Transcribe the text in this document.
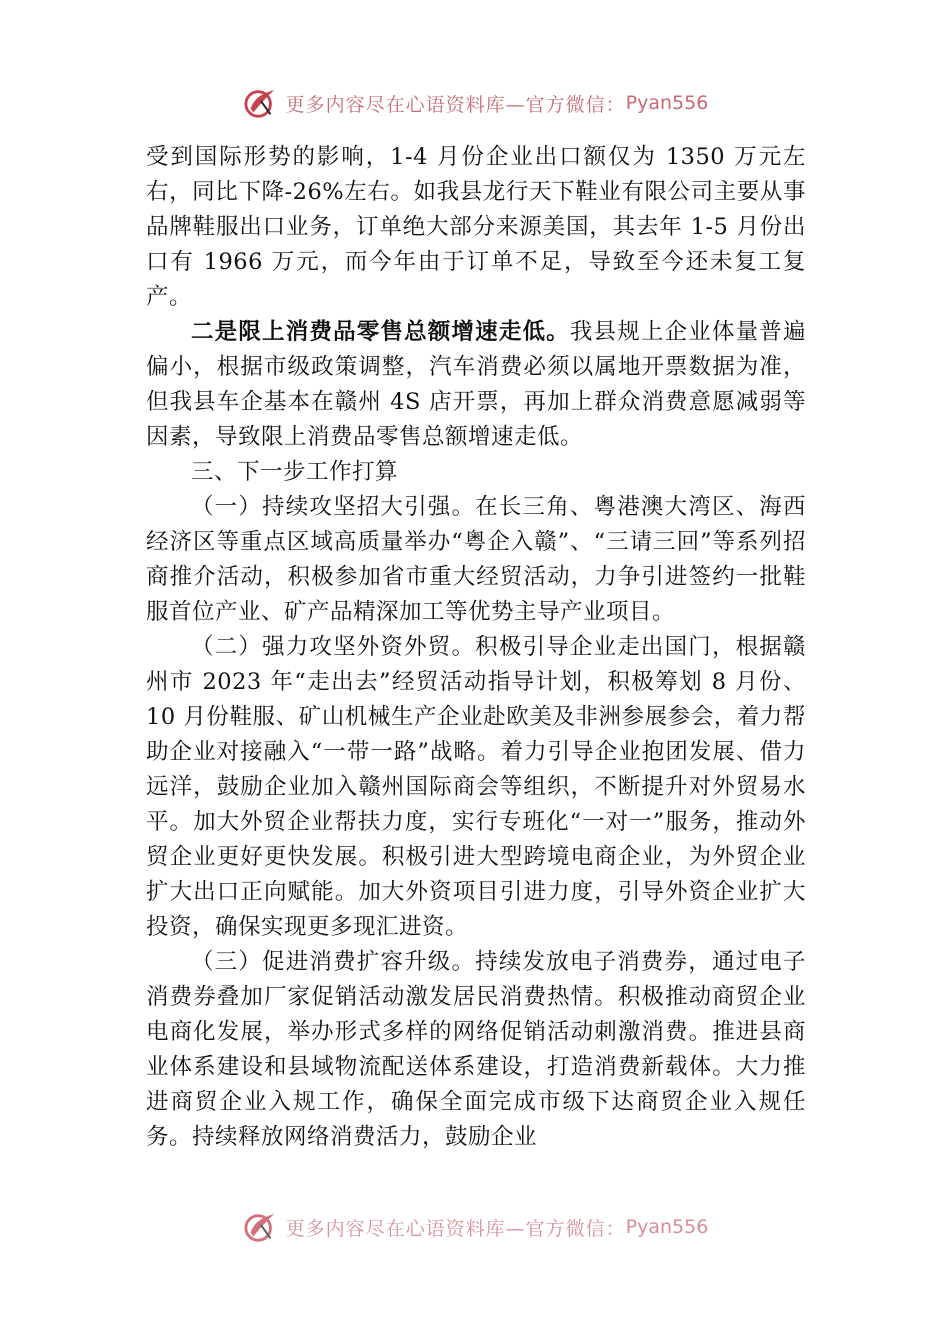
更多内容尽在心语资料库—官方微信： Pyan556

受到国际形势的影响，1-4 月份企业出口额仅为 1350 万元左右，同比下降-26%左右。如我县龙行天下鞋业有限公司主要从事品牌鞋服出口业务，订单绝大部分来源美国，其去年 1-5 月份出口有 1966 万元，而今年由于订单不足，导致至今还未复工复产。

二是限上消费品零售总额增速走低。我县规上企业体量普遍偏小，根据市级政策调整，汽车消费必须以属地开票数据为准，但我县车企基本在赣州 4S 店开票，再加上群众消费意愿减弱等因素，导致限上消费品零售总额增速走低。

三、下一步工作打算

（一）持续攻坚招大引强。在长三角、粤港澳大湾区、海西经济区等重点区域高质量举办“粤企入赣”、“三请三回”等系列招商推介活动，积极参加省市重大经贸活动，力争引进签约一批鞋服首位产业、矿产品精深加工等优势主导产业项目。

（二）强力攻坚外资外贸。积极引导企业走出国门，根据赣州市 2023 年“走出去”经贸活动指导计划，积极筹划 8 月份、10 月份鞋服、矿山机械生产企业赴欧美及非洲参展参会，着力帮助企业对接融入“一带一路”战略。着力引导企业抱团发展、借力远洋，鼓励企业加入赣州国际商会等组织，不断提升对外贸易水平。加大外贸企业帮扶力度，实行专班化“一对一”服务，推动外贸企业更好更快发展。积极引进大型跨境电商企业，为外贸企业扩大出口正向赋能。加大外资项目引进力度，引导外资企业扩大投资，确保实现更多现汇进资。

（三）促进消费扩容升级。持续发放电子消费券，通过电子消费券叠加厂家促销活动激发居民消费热情。积极推动商贸企业电商化发展，举办形式多样的网络促销活动刺激消费。推进县商业体系建设和县域物流配送体系建设，打造消费新载体。大力推进商贸企业入规工作，确保全面完成市级下达商贸企业入规任务。持续释放网络消费活力，鼓励企业

更多内容尽在心语资料库—官方微信： Pyan556
